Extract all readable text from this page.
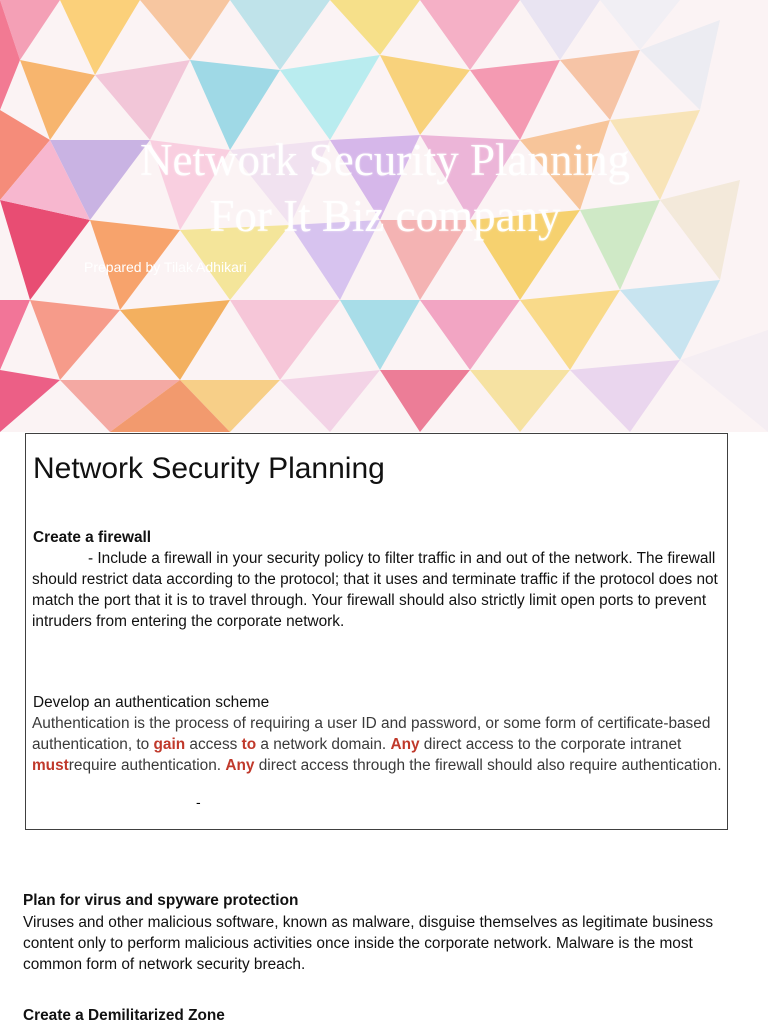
Network Security Planning
For It Biz company
Prepared by Tilak Adhikari
Network Security Planning
Create a firewall
- Include a firewall in your security policy to filter traffic in and out of the network. The firewall should restrict data according to the protocol; that it uses and terminate traffic if the protocol does not match the port that it is to travel through. Your firewall should also strictly limit open ports to prevent intruders from entering the corporate network.
Develop an authentication scheme
Authentication is the process of requiring a user ID and password, or some form of certificate-based authentication, to gain access to a network domain. Any direct access to the corporate intranet mustrequire authentication. Any direct access through the firewall should also require authentication.
-
Plan for virus and spyware protection
Viruses and other malicious software, known as malware, disguise themselves as legitimate business content only to perform malicious activities once inside the corporate network. Malware is the most common form of network security breach.
Create a Demilitarized Zone
